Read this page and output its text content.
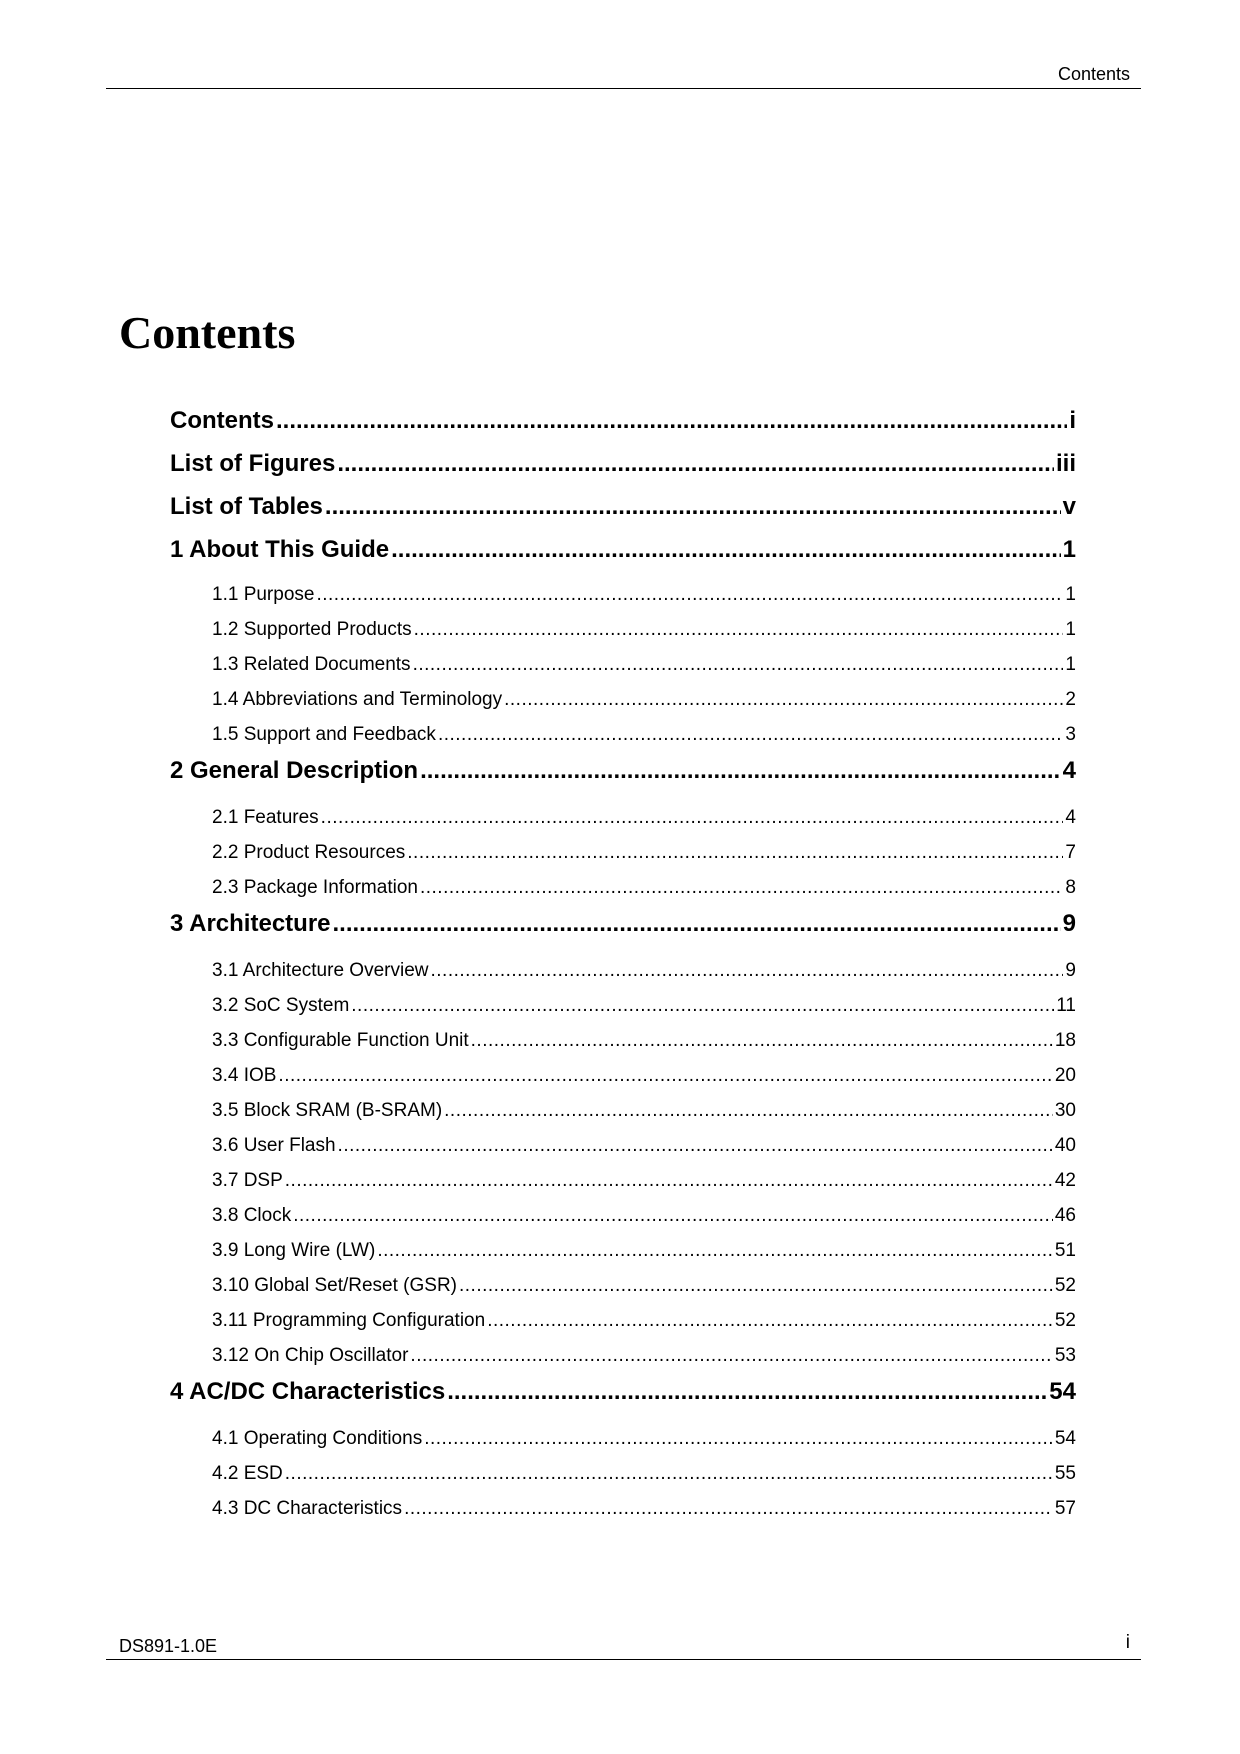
Contents
Contents
Contents .....	i
List of Figures .....	iii
List of Tables .....	v
1 About This Guide .....	1
1.1 Purpose .....	1
1.2 Supported Products .....	1
1.3 Related Documents .....	1
1.4 Abbreviations and Terminology .....	2
1.5 Support and Feedback .....	3
2 General Description .....	4
2.1 Features .....	4
2.2 Product Resources .....	7
2.3 Package Information .....	8
3 Architecture .....	9
3.1 Architecture Overview .....	9
3.2 SoC System .....	11
3.3 Configurable Function Unit .....	18
3.4 IOB .....	20
3.5 Block SRAM (B-SRAM) .....	30
3.6 User Flash .....	40
3.7 DSP .....	42
3.8 Clock .....	46
3.9 Long Wire (LW) .....	51
3.10 Global Set/Reset (GSR) .....	52
3.11 Programming Configuration .....	52
3.12 On Chip Oscillator .....	53
4 AC/DC Characteristics .....	54
4.1 Operating Conditions .....	54
4.2 ESD .....	55
4.3 DC Characteristics .....	57
DS891-1.0E	i
